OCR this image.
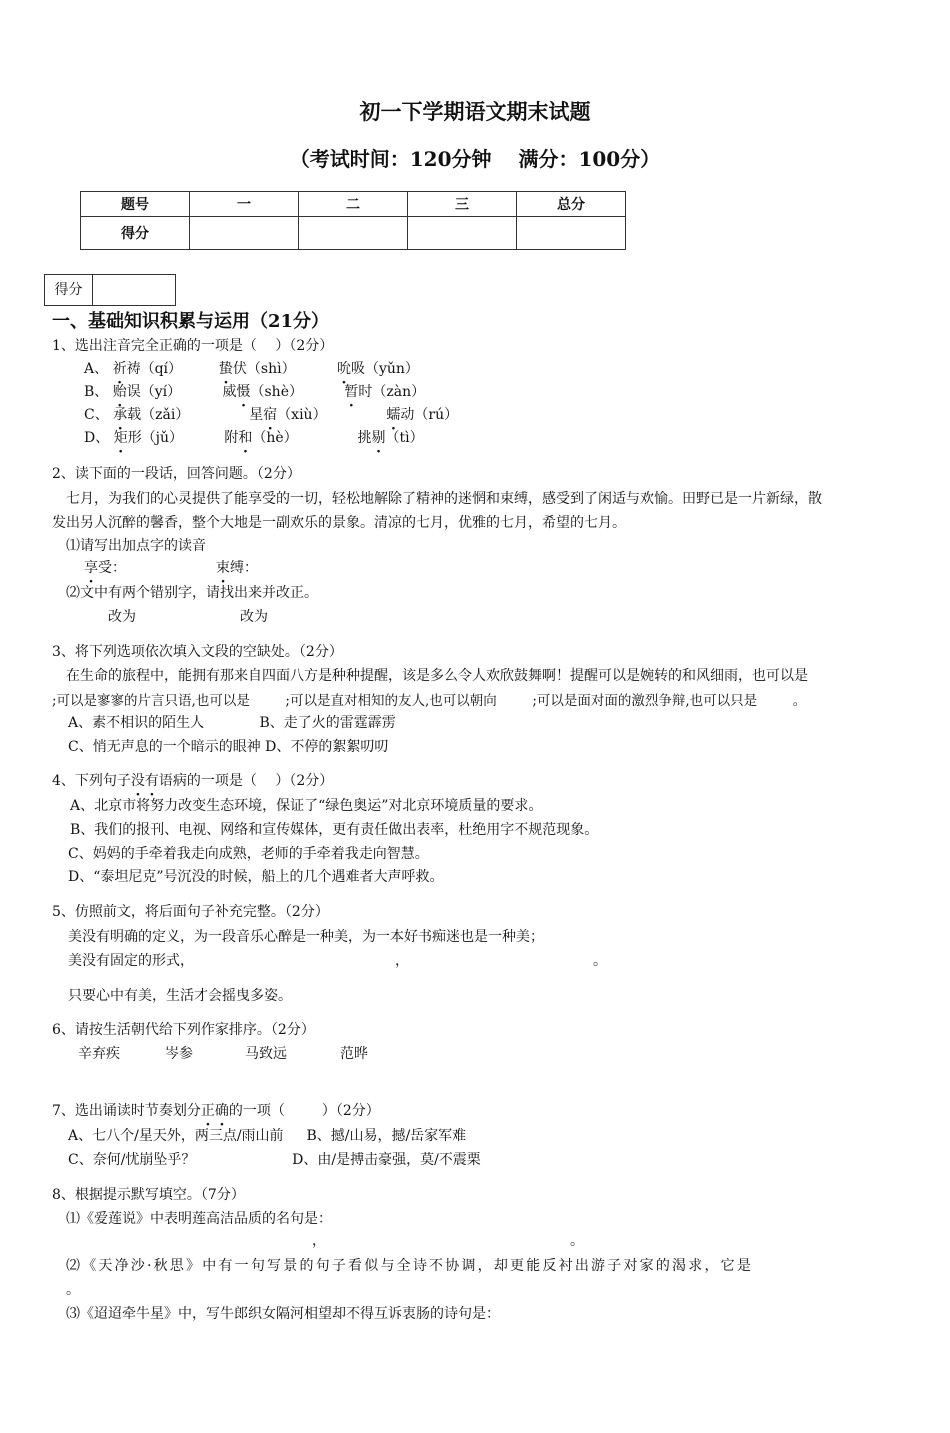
初一下学期语文期末试题
（考试时间：120分钟 　满分：100分）
题号	一	二	三	总分
得分				
得分
一、基础知识积累与运用（21分）
1、选出注音完全正确的一项是（ 　）（2分）
A、 祈祷（qí） 　 　蛰伏（shì） 　 　 吮吸（yǔn）
B、 贻误（yí） 　 　 威慑（shè） 　 　 暂时（zàn）
C、 承载（zǎi） 　 　 　 星宿（xiù） 　 　 　 蠕动（rú）
D、 矩形（jǔ） 　 　 附和（hè） 　 　 　 挑剔（tì）
2、读下面的一段话，回答问题。（2分）
七月，为我们的心灵提供了能享受的一切，轻松地解除了精神的迷惘和束缚，感受到了闲适与欢愉。田野已是一片新绿，散
发出另人沉醉的馨香，整个大地是一副欢乐的景象。清凉的七月，优雅的七月，希望的七月。
⑴请写出加点字的读音
享受：	束缚：
⑵文中有两个错别字，请找出来并改正。
改为	改为
3、将下列选项依次填入文段的空缺处。（2分）
在生命的旅程中，能拥有那来自四面八方是种种提醒，该是多么令人欢欣鼓舞啊！提醒可以是婉转的和风细雨，也可以是
;可以是寥寥的片言只语,也可以是 　 　;可以是直对相知的友人,也可以朝向 　 　;可以是面对面的激烈争辩,也可以只是 　 　。
A、素不相识的陌生人 　 　 　B、走了火的雷霆霹雳
C、悄无声息的一个暗示的眼神 D、不停的絮絮叨叨
4、下列句子没有语病的一项是（ 　）（2分）
A、北京市将努力改变生态环境，保证了“绿色奥运”对北京环境质量的要求。
B、我们的报刊、电视、网络和宣传媒体，更有责任做出表率，杜绝用字不规范现象。
C、妈妈的手牵着我走向成熟，老师的手牵着我走向智慧。
D、“泰坦尼克”号沉没的时候，船上的几个遇难者大声呼救。
5、仿照前文，将后面句子补充完整。（2分）
美没有明确的定义，为一段音乐心醉是一种美，为一本好书痴迷也是一种美；
美没有固定的形式，	，	。
只要心中有美，生活才会摇曳多姿。
6、请按生活朝代给下列作家排序。（2分）
辛弃疾	岑参	马致远	范晔
7、选出诵读时节奏划分正确的一项（ 　 　）（2分）
A、七八个/星天外，两三点/雨山前 　 B、撼/山易，撼/岳家军难
C、奈何/忧崩坠乎？ 　 　 　 　 　 D、由/是搏击豪强，莫/不震栗
8、根据提示默写填空。（7分）
⑴《爱莲说》中表明莲高洁品质的名句是：
，	。
⑵《天净沙·秋思》中有一句写景的句子看似与全诗不协调，却更能反衬出游子对家的渴求，它是
。
⑶《迢迢牵牛星》中，写牛郎织女隔河相望却不得互诉衷肠的诗句是：
